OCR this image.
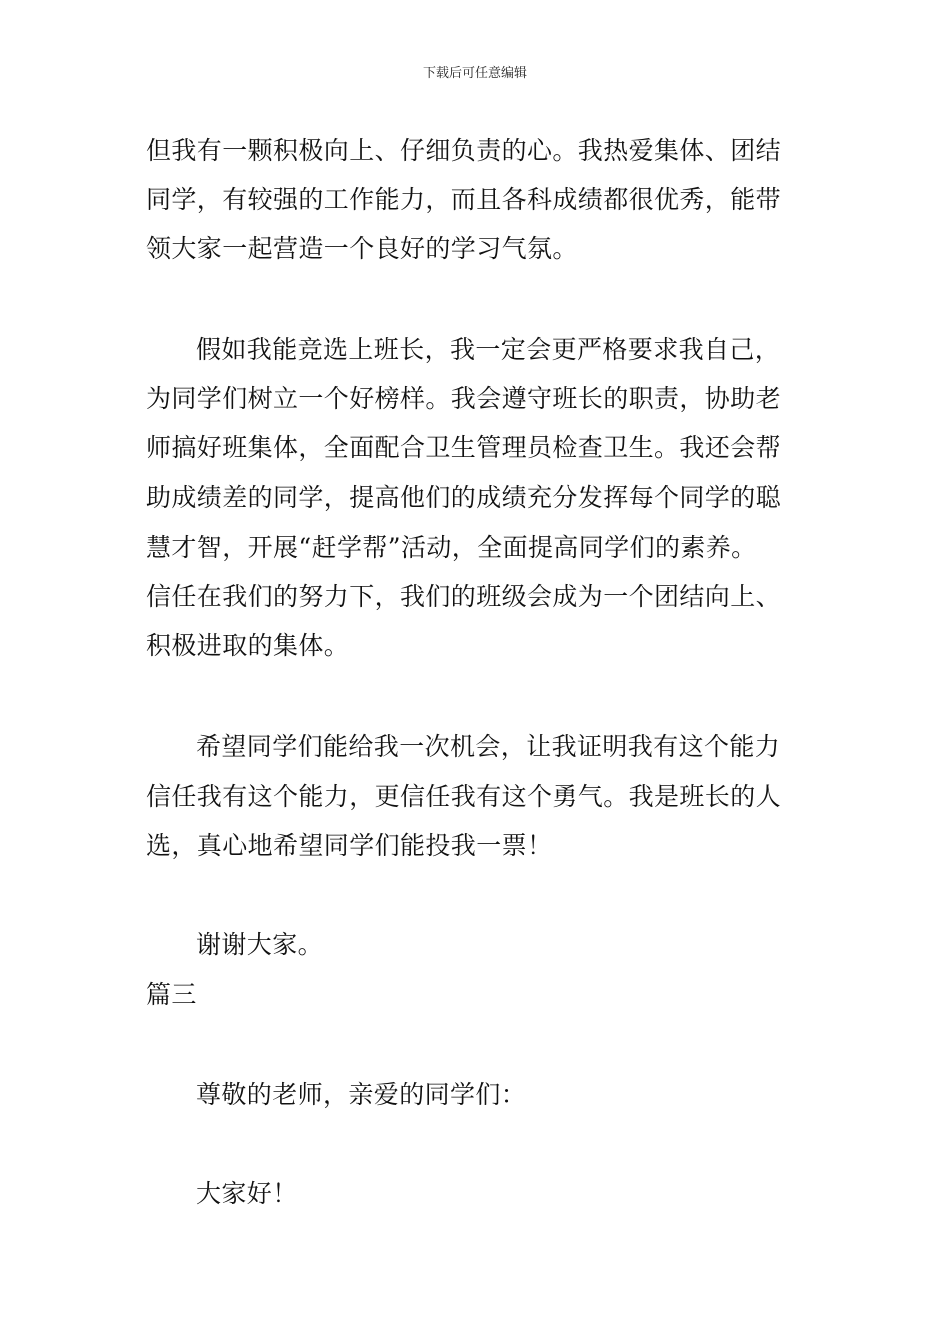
下载后可任意编辑
但我有一颗积极向上、仔细负责的心。我热爱集体、团结
同学，有较强的工作能力，而且各科成绩都很优秀，能带
领大家一起营造一个良好的学习气氛。
假如我能竞选上班长，我一定会更严格要求我自己，
为同学们树立一个好榜样。我会遵守班长的职责，协助老
师搞好班集体，全面配合卫生管理员检查卫生。我还会帮
助成绩差的同学，提高他们的成绩充分发挥每个同学的聪
慧才智，开展“赶学帮”活动，全面提高同学们的素养。
信任在我们的努力下，我们的班级会成为一个团结向上、
积极进取的集体。
希望同学们能给我一次机会，让我证明我有这个能力
信任我有这个能力，更信任我有这个勇气。我是班长的人
选，真心地希望同学们能投我一票！
谢谢大家。
篇三
尊敬的老师，亲爱的同学们：
大家好！
